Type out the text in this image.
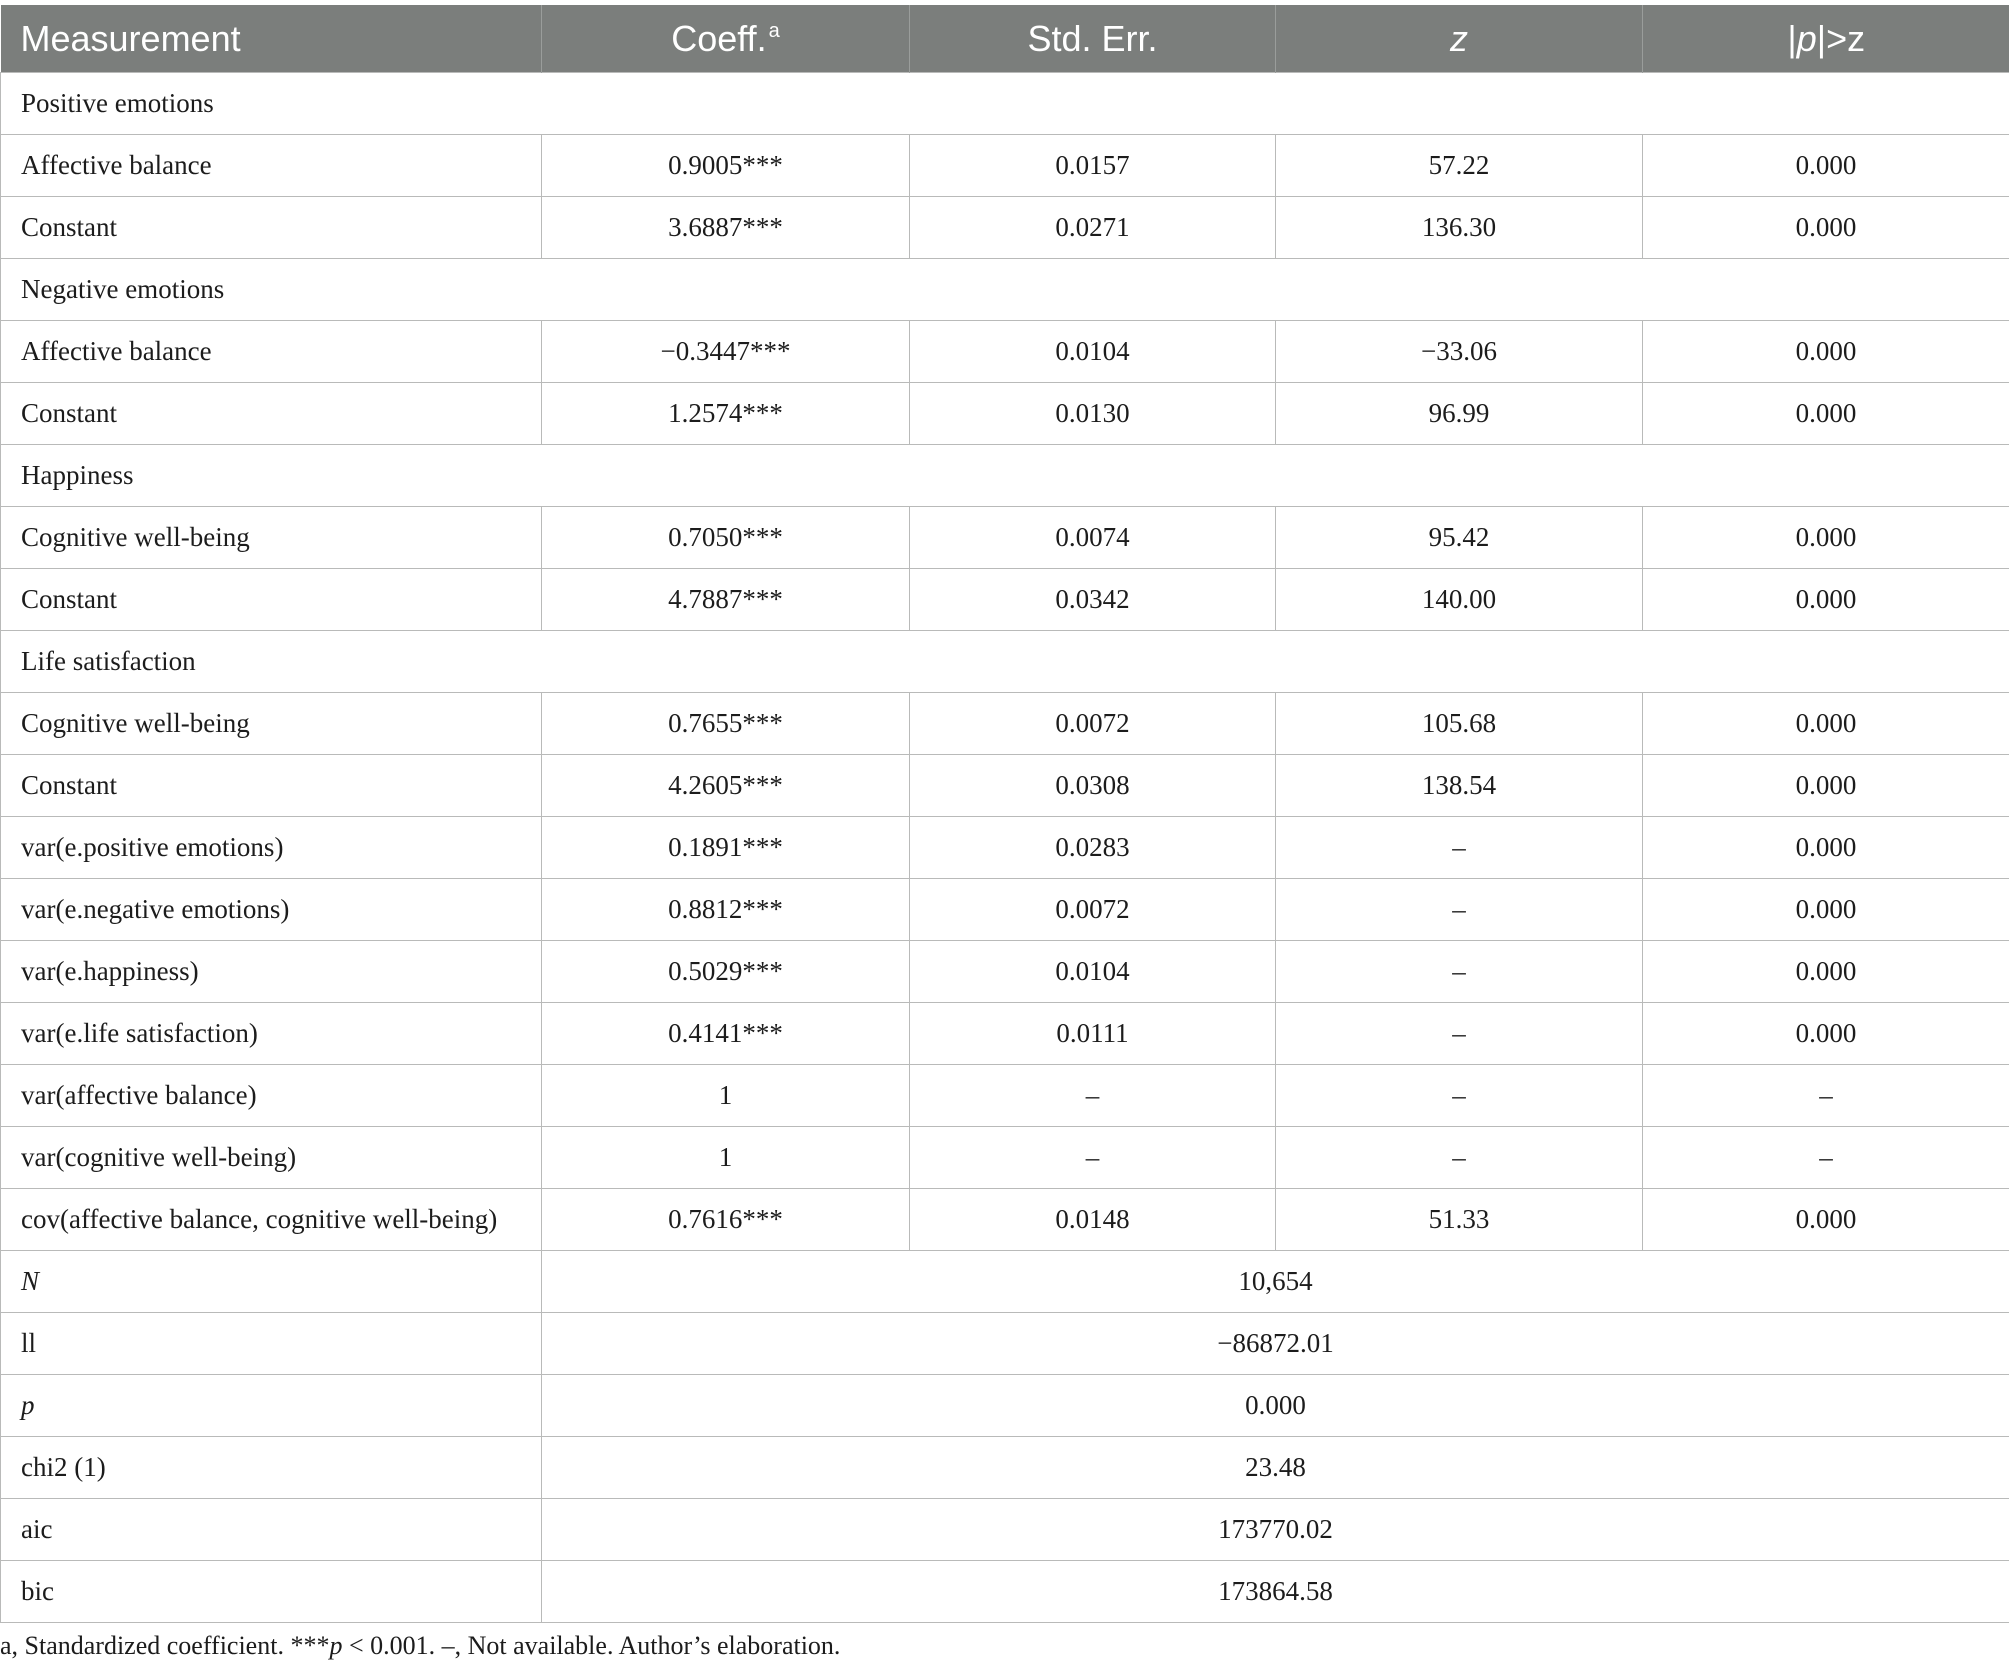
Measurement	Coeff. $^a$	Std. Err.	z	|p|>z
Positive emotions				
Affective balance	0.9005***	0.0157	57.22	0.000
Constant	3.6887***	0.0271	136.30	0.000
Negative emotions				
Affective balance	−0.3447***	0.0104	−33.06	0.000
Constant	1.2574***	0.0130	96.99	0.000
Happiness				
Cognitive well-being	0.7050***	0.0074	95.42	0.000
Constant	4.7887***	0.0342	140.00	0.000
Life satisfaction				
Cognitive well-being	0.7655***	0.0072	105.68	0.000
Constant	4.2605***	0.0308	138.54	0.000
var(e.positive emotions)	0.1891***	0.0283	–	0.000
var(e.negative emotions)	0.8812***	0.0072	–	0.000
var(e.happiness)	0.5029***	0.0104	–	0.000
var(e.life satisfaction)	0.4141***	0.0111	–	0.000
var(affective balance)	1	–	–	–
var(cognitive well-being)	1	–	–	–
cov(affective balance, cognitive well-being)	0.7616***	0.0148	51.33	0.000
N	10,654			
ll	−86872.01			
p	0.000			
chi2 (1)	23.48			
aic	173770.02			
bic	173864.58			
a, Standardized coefficient. ***p < 0.001. –, Not available. Author’s elaboration.
